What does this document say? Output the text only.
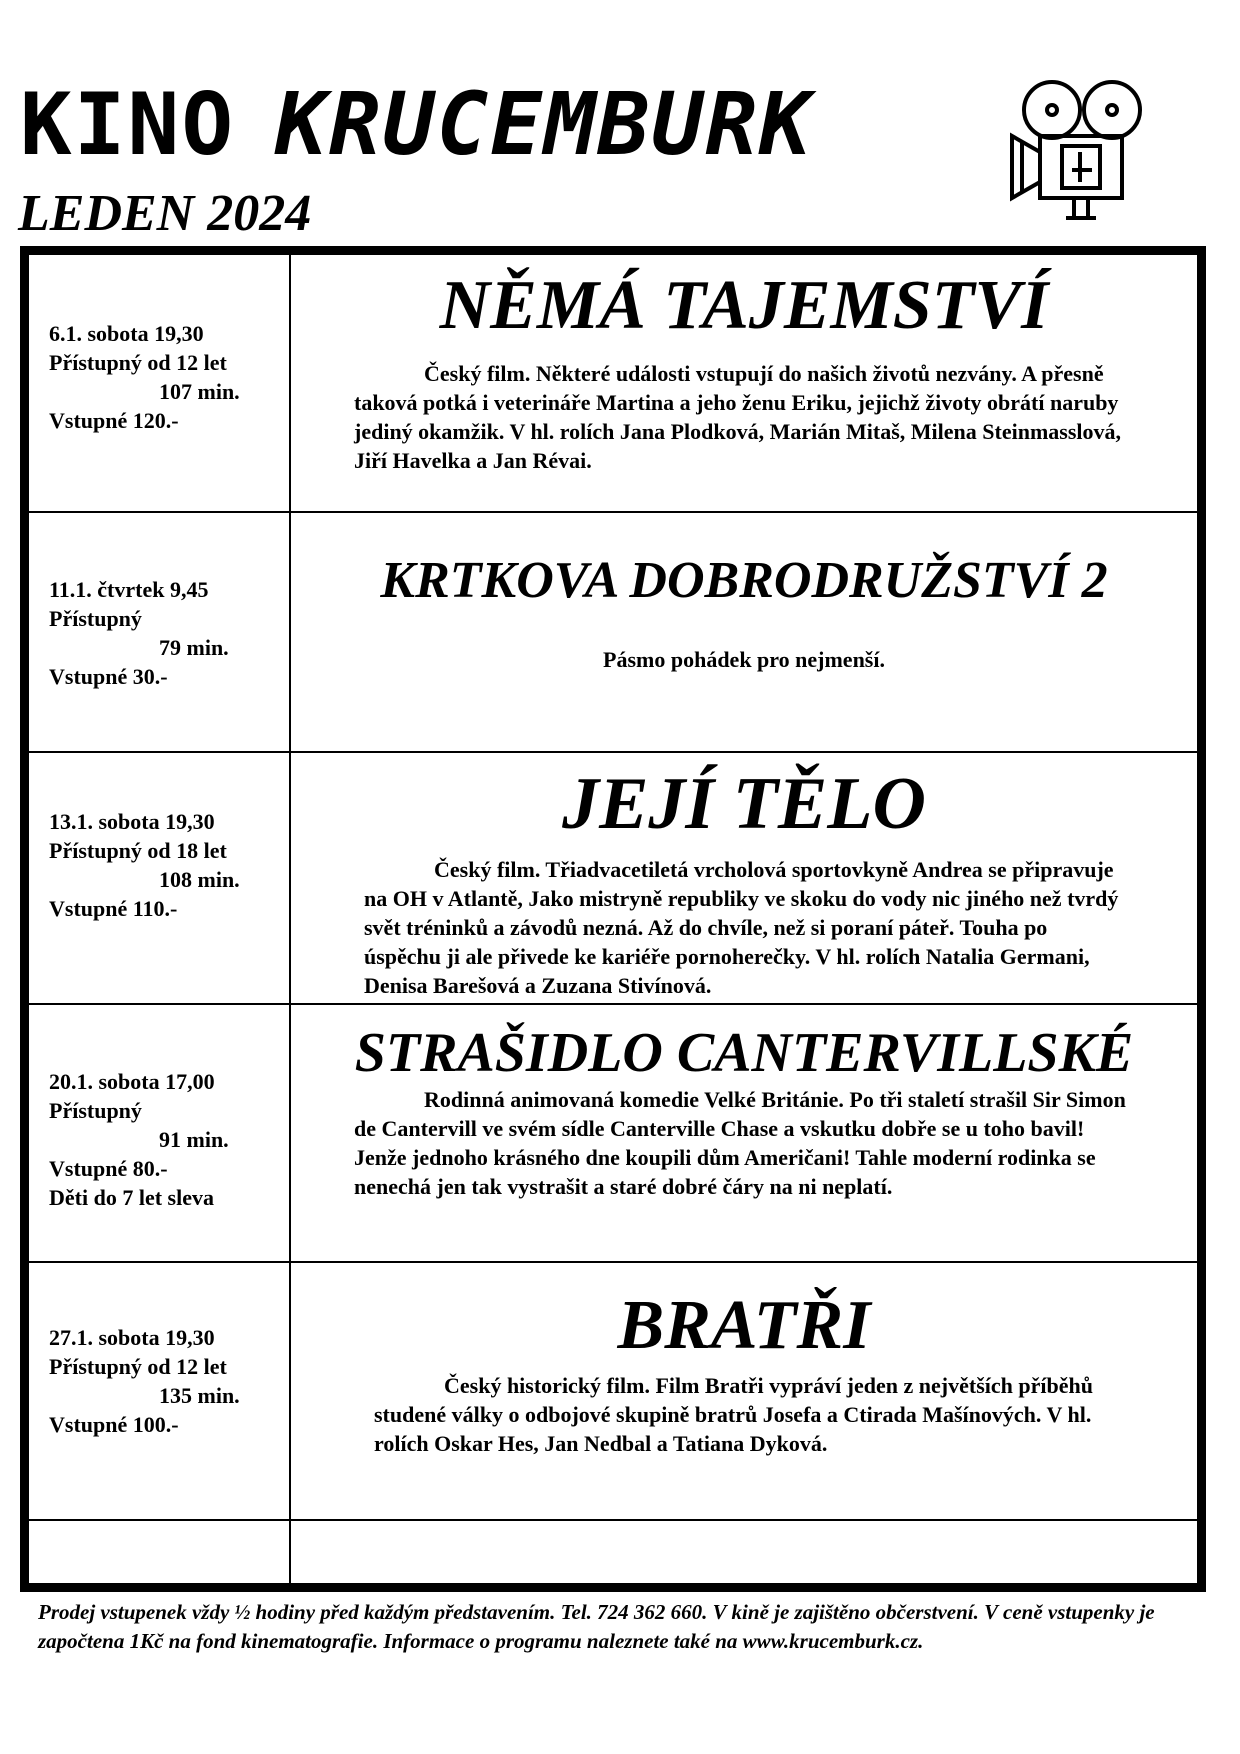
KINO KRUCEMBURK
LEDEN 2024
6.1. sobota 19,30
Přístupný od 12 let
107 min.
Vstupné 120.-
NĚMÁ TAJEMSTVÍ
Český film. Některé události vstupují do našich životů nezvány. A přesně taková potká i veterináře Martina a jeho ženu Eriku, jejichž životy obrátí naruby jediný okamžik. V hl. rolích Jana Plodková, Marián Mitaš, Milena Steinmasslová, Jiří Havelka a Jan Révai.
11.1. čtvrtek 9,45
Přístupný
79 min.
Vstupné 30.-
KRTKOVA DOBRODRUŽSTVÍ 2
Pásmo pohádek pro nejmenší.
13.1. sobota 19,30
Přístupný od 18 let
108 min.
Vstupné 110.-
JEJÍ TĚLO
Český film. Třiadvacetiletá vrcholová sportovkyně Andrea se připravuje na OH v Atlantě, Jako mistryně republiky ve skoku do vody nic jiného než tvrdý svět tréninků a závodů nezná. Až do chvíle, než si poraní páteř. Touha po úspěchu ji ale přivede ke kariéře pornoherečky. V hl. rolích Natalia Germani, Denisa Barešová a Zuzana Stivínová.
20.1. sobota 17,00
Přístupný
91 min.
Vstupné 80.-
Děti do 7 let sleva
STRAŠIDLO CANTERVILLSKÉ
Rodinná animovaná komedie Velké Británie. Po tři staletí strašil Sir Simon de Cantervill ve svém sídle Canterville Chase a vskutku dobře se u toho bavil! Jenže jednoho krásného dne koupili dům Američani! Tahle moderní rodinka se nenechá jen tak vystrašit a staré dobré čáry na ni neplatí.
27.1. sobota 19,30
Přístupný od 12 let
135 min.
Vstupné 100.-
BRATŘI
Český historický film. Film Bratři vypráví jeden z největších příběhů studené války o odbojové skupině bratrů Josefa a Ctirada Mašínových. V hl. rolích Oskar Hes, Jan Nedbal a Tatiana Dyková.
Prodej vstupenek vždy ½ hodiny před každým představením. Tel. 724 362 660. V kině je zajištěno občerstvení. V ceně vstupenky je započtena 1Kč na fond kinematografie. Informace o programu naleznete také na www.krucemburk.cz.
